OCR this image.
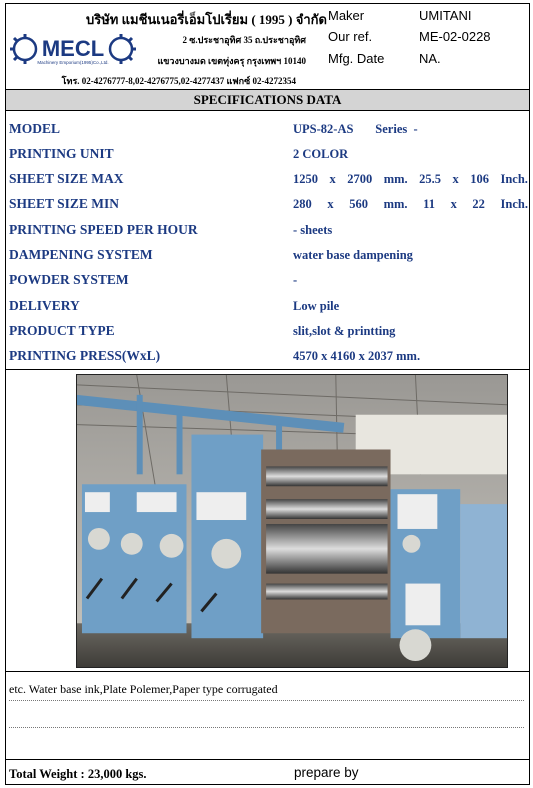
MECL
Machinery Emporium(1995)Co.,Ltd.
บริษัท แมชีนเนอรี่เอ็มโปเรี่ยม ( 1995 ) จำกัด
2 ซ.ประชาอุทิศ 35 ถ.ประชาอุทิศ
แขวงบางมด เขตทุ่งครุ กรุงเทพฯ 10140
โทร. 02-4276777-8,02-4276775,02-4277437 แฟกซ์ 02-4272354
Maker	UMITANI
Our ref.	ME-02-0228
Mfg. Date	NA.
SPECIFICATIONS DATA
MODEL	UPS-82-AS       Series  -
PRINTING UNIT	2 COLOR
SHEET SIZE MAX	1250 x 2700 mm. 25.5 x 106 Inch.
SHEET SIZE MIN	280 x 560 mm. 11 x 22 Inch.
PRINTING SPEED PER HOUR	- sheets
DAMPENING SYSTEM	water base dampening
POWDER SYSTEM	-
DELIVERY	Low pile
PRODUCT TYPE	slit,slot & printting
PRINTING PRESS(WxL)	4570 x 4160 x 2037 mm.
etc. Water base ink,Plate Polemer,Paper type corrugated
Total Weight : 23,000 kgs.	prepare by
